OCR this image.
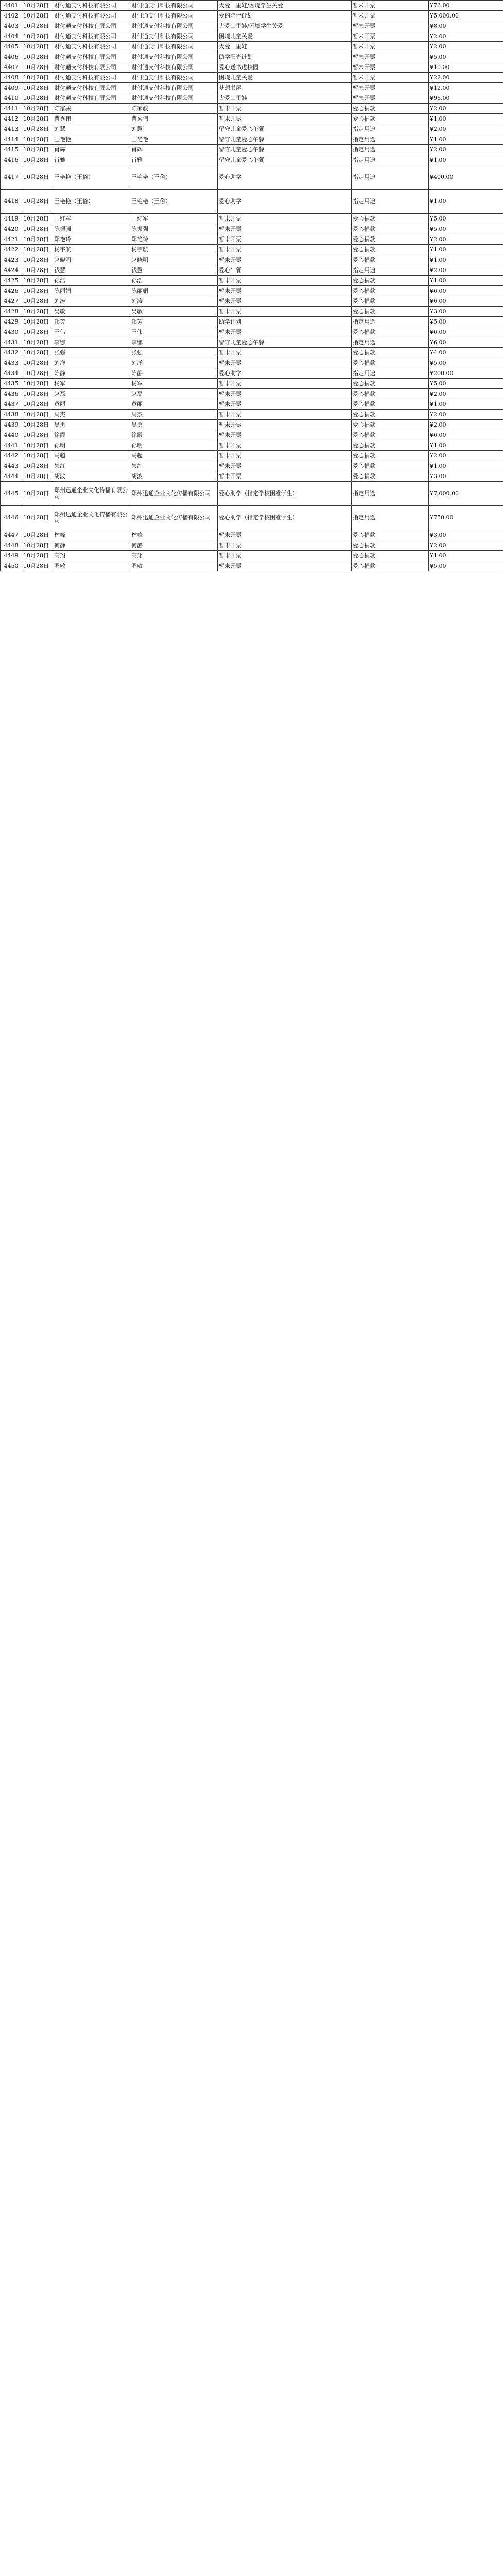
4401	10月28日	财付通支付科技有限公司	财付通支付科技有限公司	大爱山里娃/困境学生关爱	暂未开票	¥76.00
4402	10月28日	财付通支付科技有限公司	财付通支付科技有限公司	爱的陪伴计划	暂未开票	¥5,000.00
4403	10月28日	财付通支付科技有限公司	财付通支付科技有限公司	大爱山里娃/困境学生关爱	暂未开票	¥8.00
4404	10月28日	财付通支付科技有限公司	财付通支付科技有限公司	困境儿童关爱	暂未开票	¥2.00
4405	10月28日	财付通支付科技有限公司	财付通支付科技有限公司	大爱山里娃	暂未开票	¥2.00
4406	10月28日	财付通支付科技有限公司	财付通支付科技有限公司	助学阳光计划	暂未开票	¥5.00
4407	10月28日	财付通支付科技有限公司	财付通支付科技有限公司	爱心送书进校园	暂未开票	¥10.00
4408	10月28日	财付通支付科技有限公司	财付通支付科技有限公司	困境儿童关爱	暂未开票	¥22.00
4409	10月28日	财付通支付科技有限公司	财付通支付科技有限公司	梦想书屋	暂未开票	¥12.00
4410	10月28日	财付通支付科技有限公司	财付通支付科技有限公司	大爱山里娃	暂未开票	¥96.00
4411	10月28日	陈家骏	陈家骏	暂未开票	爱心捐款	¥2.00
4412	10月28日	曹秀伟	曹秀伟	暂未开票	爱心捐款	¥1.00
4413	10月28日	刘慧	刘慧	留守儿童爱心午餐	指定用途	¥2.00
4414	10月28日	王艳艳	王艳艳	留守儿童爱心午餐	指定用途	¥1.00
4415	10月28日	肖辉	肖辉	留守儿童爱心午餐	指定用途	¥2.00
4416	10月28日	肖雅	肖雅	留守儿童爱心午餐	指定用途	¥1.00
4417	10月28日	王艳艳（王俗）	王艳艳（王俗）	爱心助学	指定用途	¥400.00
4418	10月28日	王艳艳（王俗）	王艳艳（王俗）	爱心助学	指定用途	¥1.00
4419	10月28日	王红军	王红军	暂未开票	爱心捐款	¥5.00
4420	10月28日	陈振强	陈振强	暂未开票	爱心捐款	¥5.00
4421	10月28日	郑艳玲	郑艳玲	暂未开票	爱心捐款	¥2.00
4422	10月28日	杨宇航	杨宇航	暂未开票	爱心捐款	¥1.00
4423	10月28日	赵晓明	赵晓明	暂未开票	爱心捐款	¥1.00
4424	10月28日	钱慧	钱慧	爱心午餐	指定用途	¥2.00
4425	10月28日	孙浩	孙浩	暂未开票	爱心捐款	¥1.00
4426	10月28日	陈丽娟	陈丽娟	暂未开票	爱心捐款	¥6.00
4427	10月28日	刘涛	刘涛	暂未开票	爱心捐款	¥6.00
4428	10月28日	吴敏	吴敏	暂未开票	爱心捐款	¥3.00
4429	10月28日	郑芳	郑芳	助学计划	指定用途	¥5.00
4430	10月28日	王伟	王伟	暂未开票	爱心捐款	¥6.00
4431	10月28日	李娜	李娜	留守儿童爱心午餐	指定用途	¥6.00
4432	10月28日	张强	张强	暂未开票	爱心捐款	¥4.00
4433	10月28日	刘洋	刘洋	暂未开票	爱心捐款	¥5.00
4434	10月28日	陈静	陈静	爱心助学	指定用途	¥200.00
4435	10月28日	杨军	杨军	暂未开票	爱心捐款	¥5.00
4436	10月28日	赵磊	赵磊	暂未开票	爱心捐款	¥2.00
4437	10月28日	黄丽	黄丽	暂未开票	爱心捐款	¥1.00
4438	10月28日	周杰	周杰	暂未开票	爱心捐款	¥2.00
4439	10月28日	吴勇	吴勇	暂未开票	爱心捐款	¥2.00
4440	10月28日	徐霞	徐霞	暂未开票	爱心捐款	¥6.00
4441	10月28日	孙明	孙明	暂未开票	爱心捐款	¥1.00
4442	10月28日	马超	马超	暂未开票	爱心捐款	¥2.00
4443	10月28日	朱红	朱红	暂未开票	爱心捐款	¥1.00
4444	10月28日	胡波	胡波	暂未开票	爱心捐款	¥3.00
4445	10月28日	郑州迅通企业文化传播有限公司	郑州迅通企业文化传播有限公司	爱心助学（指定学校困难学生）	指定用途	¥7,000.00
4446	10月28日	郑州迅通企业文化传播有限公司	郑州迅通企业文化传播有限公司	爱心助学（指定学校困难学生）	指定用途	¥750.00
4447	10月28日	林峰	林峰	暂未开票	爱心捐款	¥3.00
4448	10月28日	何静	何静	暂未开票	爱心捐款	¥2.00
4449	10月28日	高翔	高翔	暂未开票	爱心捐款	¥1.00
4450	10月28日	罗敏	罗敏	暂未开票	爱心捐款	¥5.00
